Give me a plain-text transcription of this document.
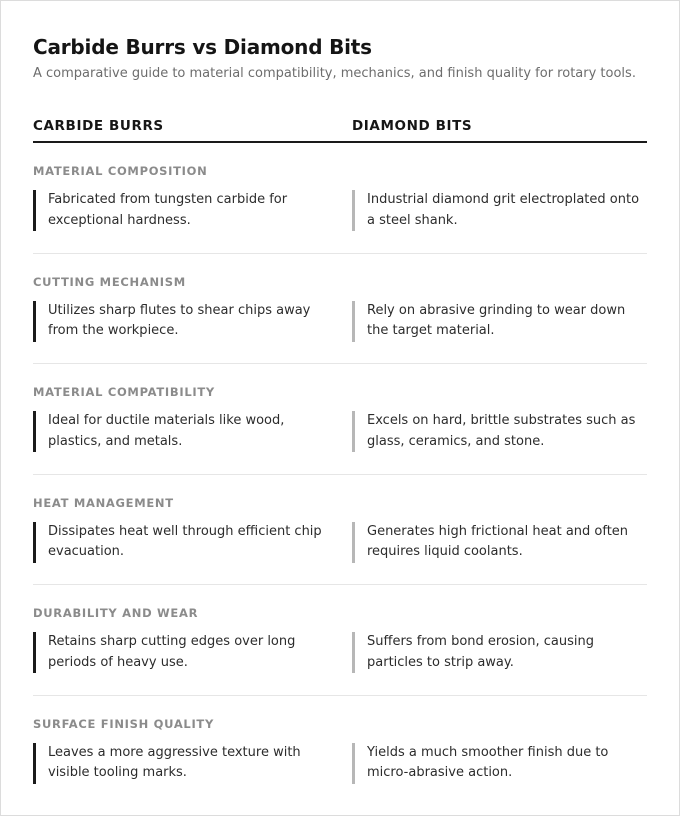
Carbide Burrs vs Diamond Bits

A comparative guide to material compatibility, mechanics, and finish quality for rotary tools.

CARBIDE BURRS	DIAMOND BITS
MATERIAL COMPOSITION
Fabricated from tungsten carbide for exceptional hardness.
Industrial diamond grit electroplated onto a steel shank.
CUTTING MECHANISM
Utilizes sharp flutes to shear chips away from the workpiece.
Rely on abrasive grinding to wear down the target material.
MATERIAL COMPATIBILITY
Ideal for ductile materials like wood, plastics, and metals.
Excels on hard, brittle substrates such as glass, ceramics, and stone.
HEAT MANAGEMENT
Dissipates heat well through efficient chip evacuation.
Generates high frictional heat and often requires liquid coolants.
DURABILITY AND WEAR
Retains sharp cutting edges over long periods of heavy use.
Suffers from bond erosion, causing particles to strip away.
SURFACE FINISH QUALITY
Leaves a more aggressive texture with visible tooling marks.
Yields a much smoother finish due to micro-abrasive action.
